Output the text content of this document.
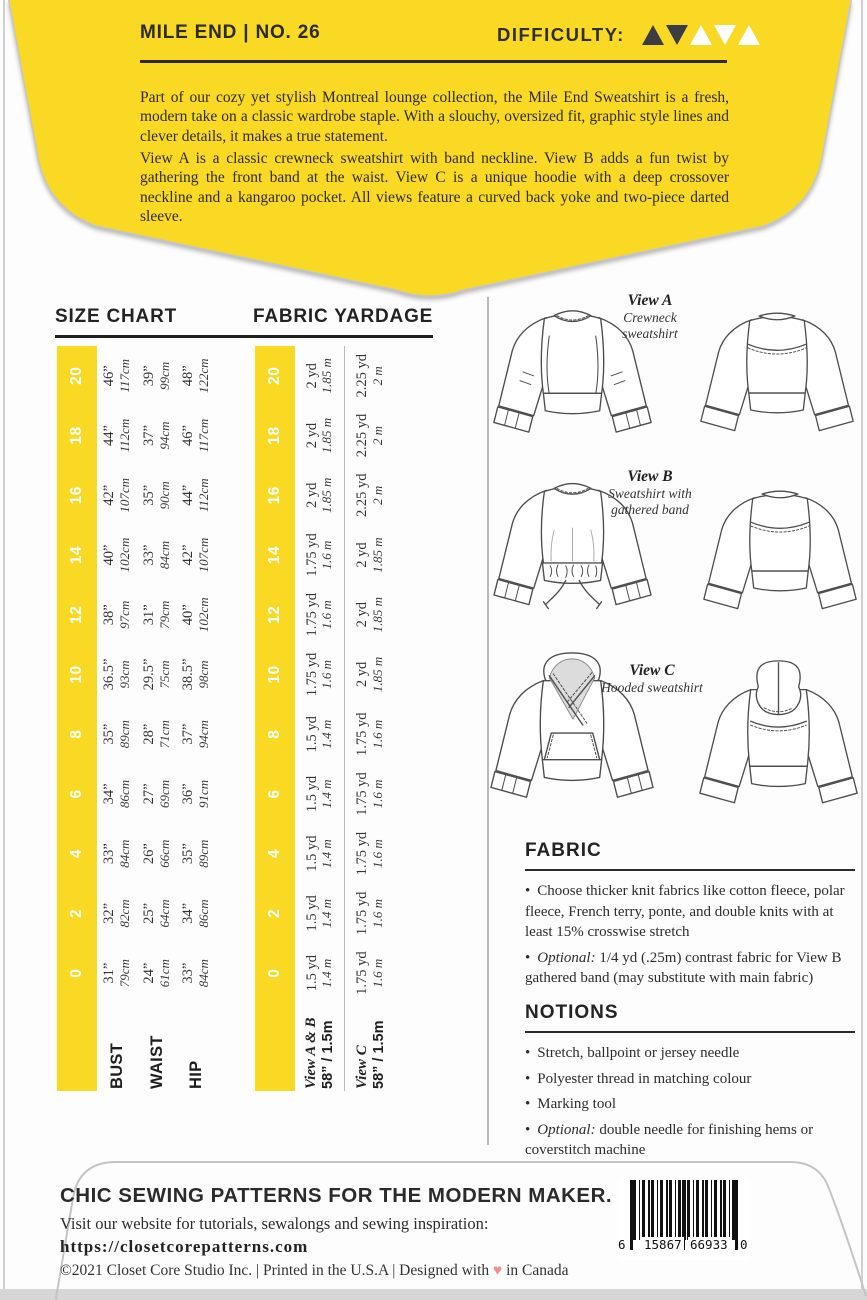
MILE END | NO. 26	DIFFICULTY:

Part of our cozy yet stylish Montreal lounge collection, the Mile End Sweatshirt is a fresh, modern take on a classic wardrobe staple. With a slouchy, oversized fit, graphic style lines and clever details, it makes a true statement.

View A is a classic crewneck sweatshirt with band neckline. View B adds a fun twist by gathering the front band at the waist. View C is a unique hoodie with a deep crossover neckline and a kangaroo pocket. All views feature a curved back yoke and two-piece darted sleeve.

SIZE CHART	FABRIC YARDAGE
0
2
4
6
8
10
12
14
16
18
20
BUST
31” 79cm
32” 82cm
33” 84cm
34” 86cm
35” 89cm
36.5” 93cm
38” 97cm
40” 102cm
42” 107cm
44” 112cm
46” 117cm
WAIST
24” 61cm
25” 64cm
26” 66cm
27” 69cm
28” 71cm
29.5” 75cm
31” 79cm
33” 84cm
35” 90cm
37” 94cm
39” 99cm
HIP
33” 84cm
34” 86cm
35” 89cm
36” 91cm
37” 94cm
38.5” 98cm
40” 102cm
42” 107cm
44” 112cm
46” 117cm
48” 122cm
0
2
4
6
8
10
12
14
16
18
20
View A & B 58” / 1.5m
1.5 yd 1.4 m
1.5 yd 1.4 m
1.5 yd 1.4 m
1.5 yd 1.4 m
1.5 yd 1.4 m
1.75 yd 1.6 m
1.75 yd 1.6 m
1.75 yd 1.6 m
2 yd 1.85 m
2 yd 1.85 m
2 yd 1.85 m
View C 58” / 1.5m
1.75 yd 1.6 m
1.75 yd 1.6 m
1.75 yd 1.6 m
1.75 yd 1.6 m
1.75 yd 1.6 m
2 yd 1.85 m
2 yd 1.85 m
2 yd 1.85 m
2.25 yd 2 m
2.25 yd 2 m
2.25 yd 2 m
View A
Crewneck sweatshirt
View B
Sweatshirt with gathered band
View C
Hooded sweatshirt
FABRIC

• Choose thicker knit fabrics like cotton fleece, polar fleece, French terry, ponte, and double knits with at least 15% crosswise stretch

• Optional: 1/4 yd (.25m) contrast fabric for View B gathered band (may substitute with main fabric)

NOTIONS

• Stretch, ballpoint or jersey needle

• Polyester thread in matching colour

• Marking tool

• Optional: double needle for finishing hems or coverstitch machine

CHIC SEWING PATTERNS FOR THE MODERN MAKER.
Visit our website for tutorials, sewalongs and sewing inspiration:
https://closetcorepatterns.com
©2021 Closet Core Studio Inc. | Printed in the U.S.A | Designed with ♥ in Canada
6 15867 66933 0
